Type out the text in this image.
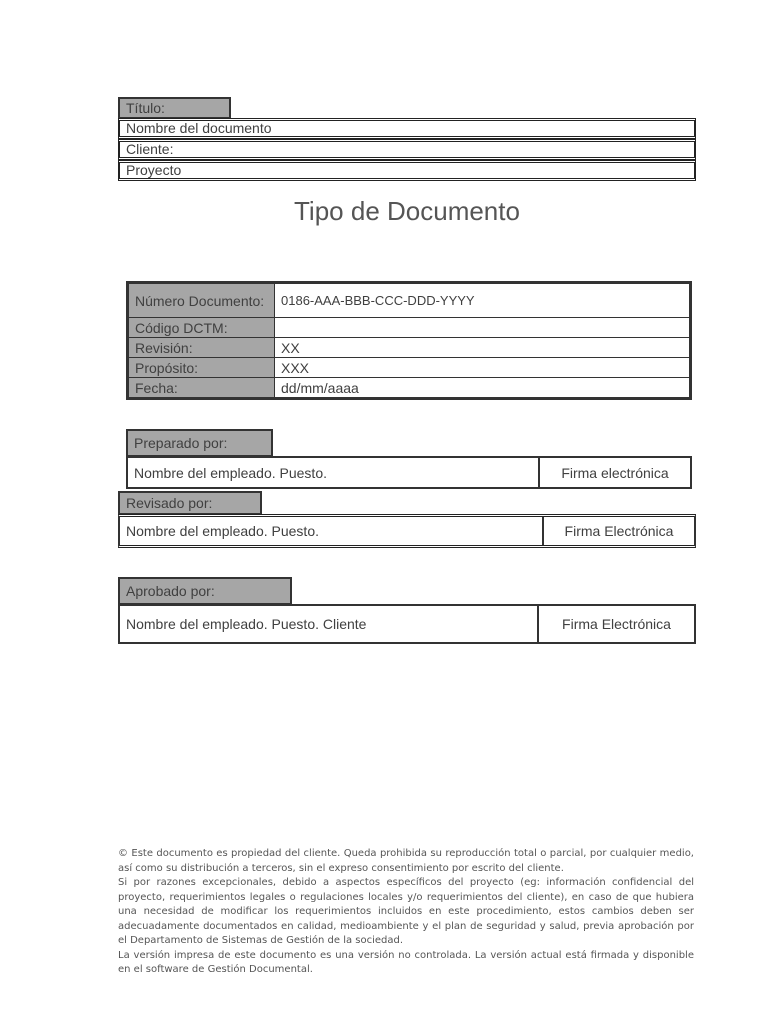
Título:
Nombre del documento
Cliente:
Proyecto
Tipo de Documento
Número Documento:	0186-AAA-BBB-CCC-DDD-YYYY
Código DCTM:	
Revisión:	XX
Propósito:	XXX
Fecha:	dd/mm/aaaa
Preparado por:
Nombre del empleado. Puesto.	Firma electrónica
Revisado por:
Nombre del empleado. Puesto.	Firma Electrónica
Aprobado por:
Nombre del empleado. Puesto. Cliente	Firma Electrónica

© Este documento es propiedad del cliente. Queda prohibida su reproducción total o parcial, por cualquier medio, así como su distribución a terceros, sin el expreso consentimiento por escrito del cliente.

Si por razones excepcionales, debido a aspectos específicos del proyecto (eg: información confidencial del proyecto, requerimientos legales o regulaciones locales y/o requerimientos del cliente), en caso de que hubiera una necesidad de modificar los requerimientos incluidos en este procedimiento, estos cambios deben ser adecuadamente documentados en calidad, medioambiente y el plan de seguridad y salud, previa aprobación por el Departamento de Sistemas de Gestión de la sociedad.

La versión impresa de este documento es una versión no controlada. La versión actual está firmada y disponible en el software de Gestión Documental.
